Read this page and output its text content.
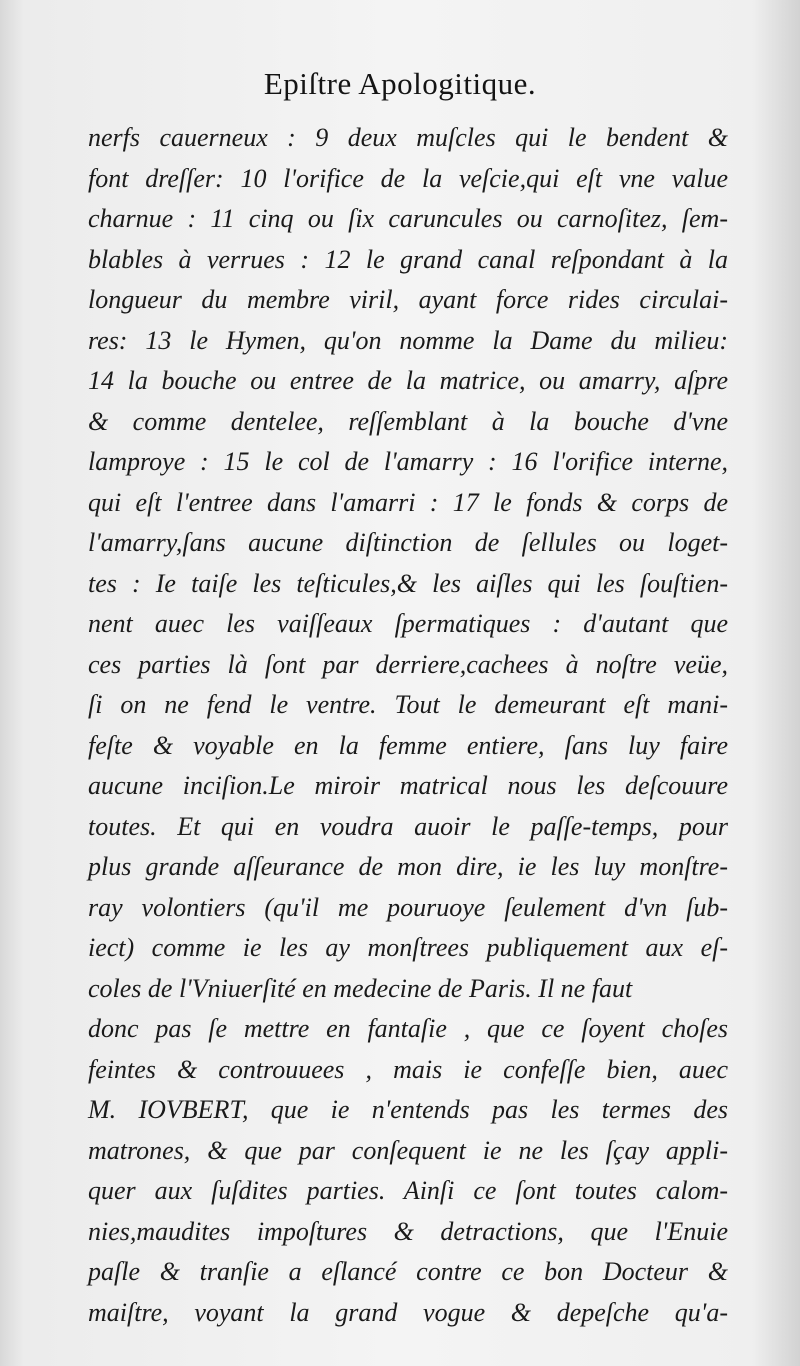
Epiſtre Apologitique.
nerfs cauerneux : 9 deux muſcles qui le bendent &
font dreſſer: 10 l'orifice de la veſcie,qui eſt vne value
charnue : 11 cinq ou ſix caruncules ou carnoſitez, ſem-
blables à verrues : 12 le grand canal reſpondant à la
longueur du membre viril, ayant force rides circulai-
res: 13 le Hymen, qu'on nomme la Dame du milieu:
14 la bouche ou entree de la matrice, ou amarry, aſpre
& comme dentelee, reſſemblant à la bouche d'vne
lamproye : 15 le col de l'amarry : 16 l'orifice interne,
qui eſt l'entree dans l'amarri : 17 le fonds & corps de
l'amarry,ſans aucune diſtinction de ſellules ou loget-
tes : Ie taiſe les teſticules,& les aiſles qui les ſouſtien-
nent auec les vaiſſeaux ſpermatiques : d'autant que
ces parties là ſont par derriere,cachees à noſtre veüe,
ſi on ne fend le ventre. Tout le demeurant eſt mani-
feſte & voyable en la femme entiere, ſans luy faire
aucune inciſion.Le miroir matrical nous les deſcouure
toutes. Et qui en voudra auoir le paſſe-temps, pour
plus grande aſſeurance de mon dire, ie les luy monſtre-
ray volontiers (qu'il me pouruoye ſeulement d'vn ſub-
iect) comme ie les ay monſtrees publiquement aux eſ-
coles de l'Vniuerſité en medecine de Paris. Il ne faut
donc pas ſe mettre en fantaſie , que ce ſoyent choſes
feintes & controuuees , mais ie confeſſe bien, auec
M. IOVBERT, que ie n'entends pas les termes des
matrones, & que par conſequent ie ne les ſçay appli-
quer aux ſuſdites parties. Ainſi ce ſont toutes calom-
nies,maudites impoſtures & detractions, que l'Enuie
paſle & tranſie a eſlancé contre ce bon Docteur &
maiſtre, voyant la grand vogue & depeſche qu'a-
